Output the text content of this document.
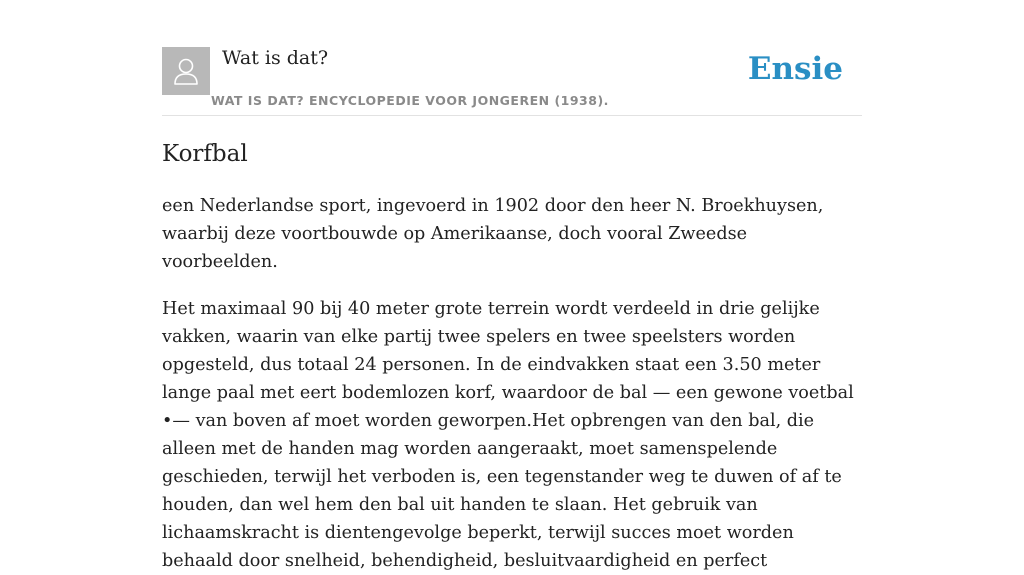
Wat is dat?
WAT IS DAT? ENCYCLOPEDIE VOOR JONGEREN (1938).
Ensie
Korfbal

een Nederlandse sport, ingevoerd in 1902 door den heer N. Broekhuysen, waarbij deze voortbouwde op Amerikaanse, doch vooral Zweedse voorbeelden.

Het maximaal 90 bij 40 meter grote terrein wordt verdeeld in drie gelijke vakken, waarin van elke partij twee spelers en twee speelsters worden opgesteld, dus totaal 24 personen. In de eindvakken staat een 3.50 meter lange paal met eert bodemlozen korf, waardoor de bal — een gewone voetbal •— van boven af moet worden geworpen.Het opbrengen van den bal, die alleen met de handen mag worden aangeraakt, moet samenspelende geschieden, terwijl het verboden is, een tegenstander weg te duwen of af te houden, dan wel hem den bal uit handen te slaan. Het gebruik van lichaamskracht is dientengevolge beperkt, terwijl succes moet worden behaald door snelheid, behendigheid, besluitvaardigheid en perfect
